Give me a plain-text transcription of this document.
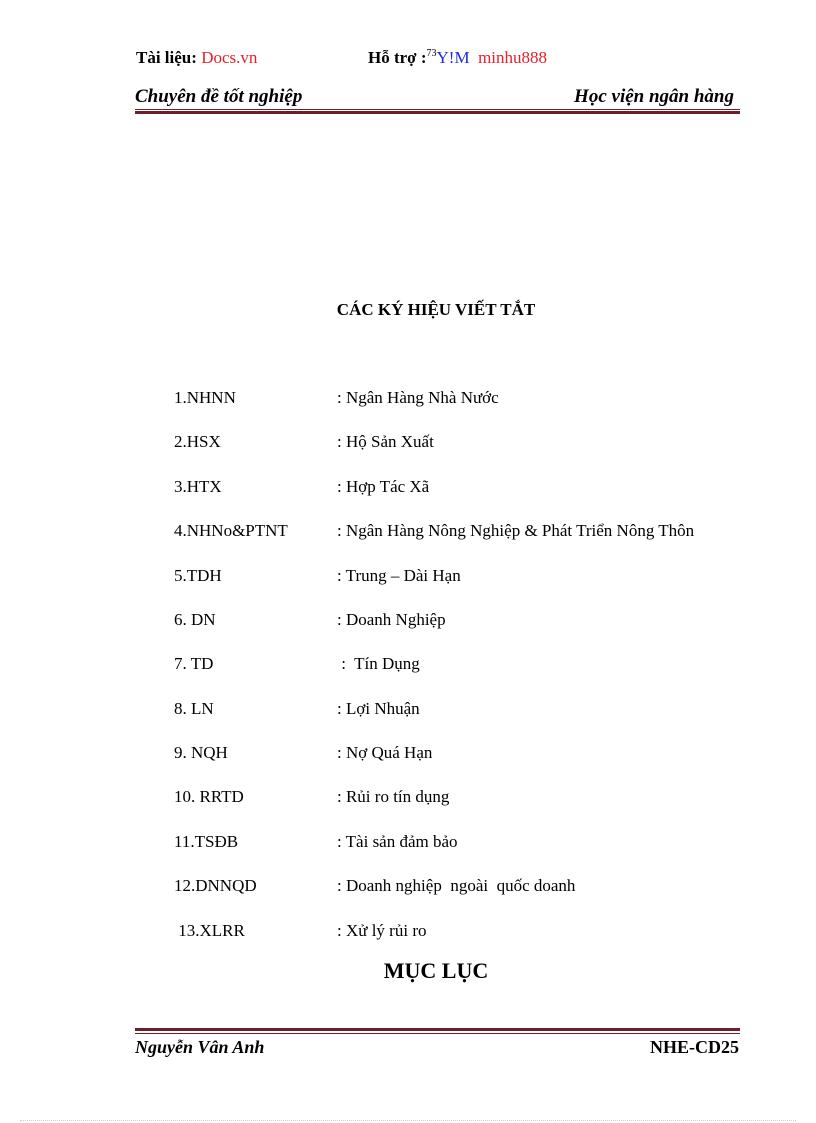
Tài liệu: Docs.vn	Hỗ trợ :$^{73}$Y!M minhu888
Chuyên đề tốt nghiệp	Học viện ngân hàng
CÁC KÝ HIỆU VIẾT TẮT
1.NHNN	: Ngân Hàng Nhà Nước
2.HSX	: Hộ Sản Xuất
3.HTX	: Hợp Tác Xã
4.NHNo&PTNT	: Ngân Hàng Nông Nghiệp & Phát Triển Nông Thôn
5.TDH	: Trung – Dài Hạn
6. DN	: Doanh Nghiệp
7. TD	:  Tín Dụng
8. LN	: Lợi Nhuận
9. NQH	: Nợ Quá Hạn
10. RRTD	: Rủi ro tín dụng
11.TSĐB	: Tài sản đảm bảo
12.DNNQD	: Doanh nghiệp  ngoài  quốc doanh
13.XLRR	: Xử lý rủi ro
MỤC LỤC
Nguyễn Vân Anh	NHE-CD25
